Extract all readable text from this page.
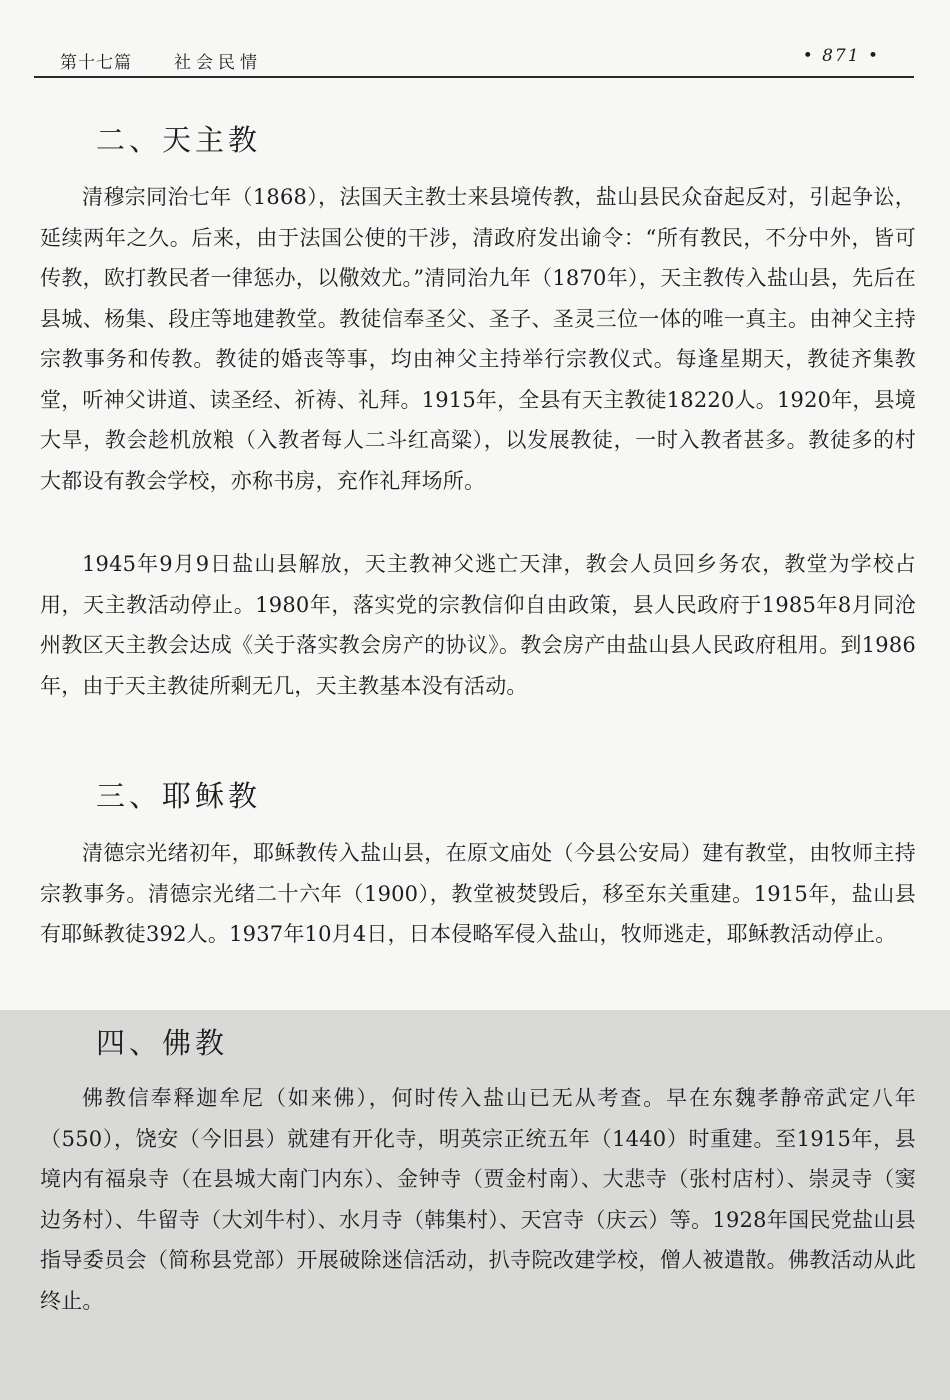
第十七篇 社会民情	• 871 •
二、天主教

清穆宗同治七年（1868），法国天主教士来县境传教，盐山县民众奋起反对，引起争讼，延续两年之久。后来，由于法国公使的干涉，清政府发出谕令：“所有教民，不分中外，皆可传教，欧打教民者一律惩办，以儆效尤。”清同治九年（1870年），天主教传入盐山县，先后在县城、杨集、段庄等地建教堂。教徒信奉圣父、圣子、圣灵三位一体的唯一真主。由神父主持宗教事务和传教。教徒的婚丧等事，均由神父主持举行宗教仪式。每逢星期天，教徒齐集教堂，听神父讲道、读圣经、祈祷、礼拜。1915年，全县有天主教徒18220人。1920年，县境大旱，教会趁机放粮（入教者每人二斗红高粱），以发展教徒，一时入教者甚多。教徒多的村大都设有教会学校，亦称书房，充作礼拜场所。

1945年9月9日盐山县解放，天主教神父逃亡天津，教会人员回乡务农，教堂为学校占用，天主教活动停止。1980年，落实党的宗教信仰自由政策，县人民政府于1985年8月同沧州教区天主教会达成《关于落实教会房产的协议》。教会房产由盐山县人民政府租用。到1986年，由于天主教徒所剩无几，天主教基本没有活动。

三、耶稣教

清德宗光绪初年，耶稣教传入盐山县，在原文庙处（今县公安局）建有教堂，由牧师主持宗教事务。清德宗光绪二十六年（1900），教堂被焚毁后，移至东关重建。1915年，盐山县有耶稣教徒392人。1937年10月4日，日本侵略军侵入盐山，牧师逃走，耶稣教活动停止。

四、佛教

佛教信奉释迦牟尼（如来佛），何时传入盐山已无从考查。早在东魏孝静帝武定八年（550），饶安（今旧县）就建有开化寺，明英宗正统五年（1440）时重建。至1915年，县境内有福泉寺（在县城大南门内东）、金钟寺（贾金村南）、大悲寺（张村店村）、崇灵寺（窦边务村）、牛留寺（大刘牛村）、水月寺（韩集村）、天宫寺（庆云）等。1928年国民党盐山县指导委员会（简称县党部）开展破除迷信活动，扒寺院改建学校，僧人被遣散。佛教活动从此终止。
